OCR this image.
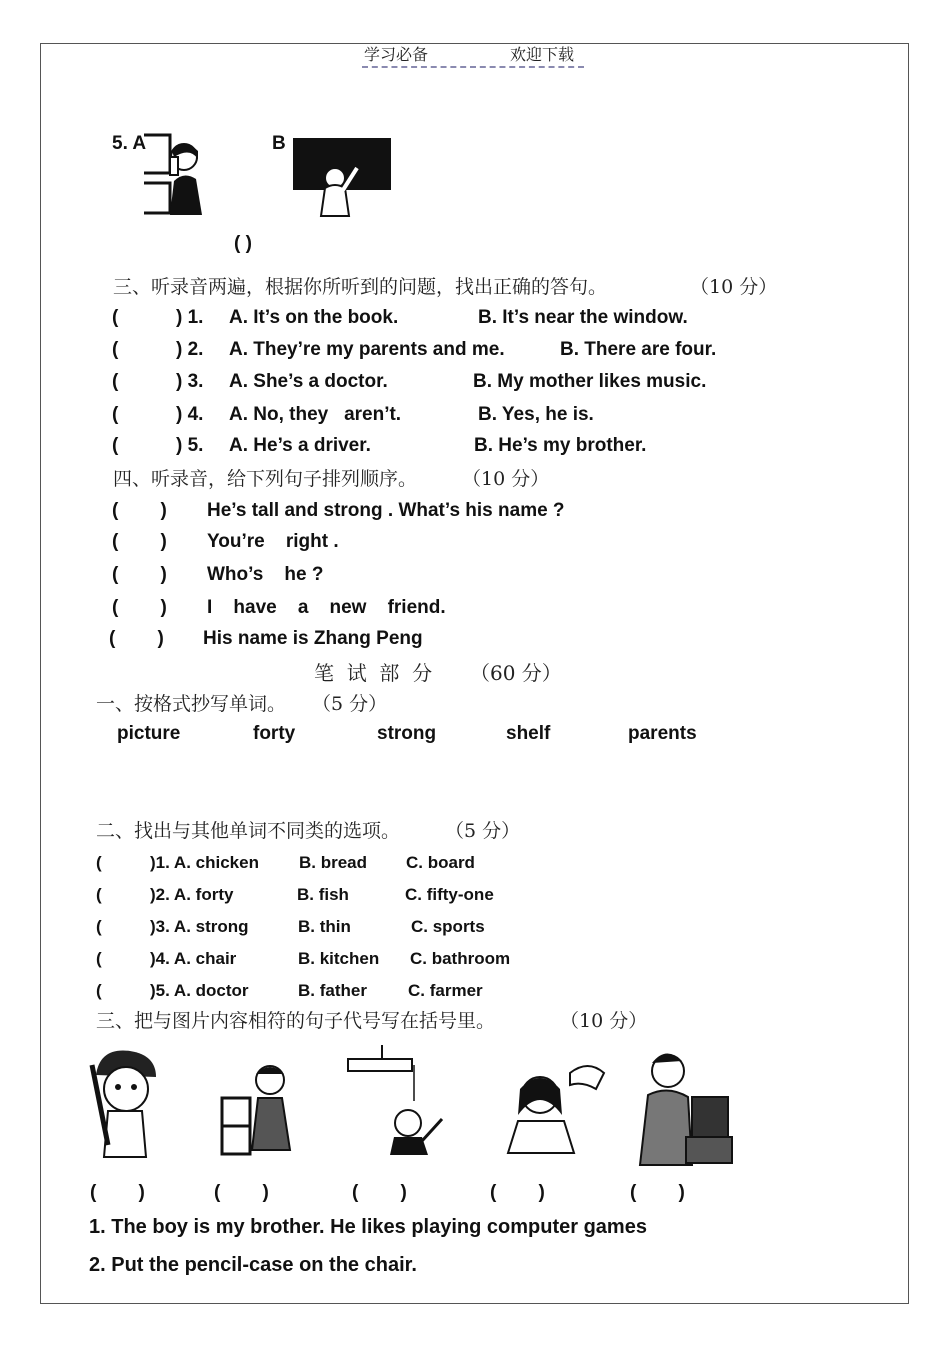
学习必备	欢迎下载
5. A	B
( )
三、听录音两遍，根据你所听到的问题，找出正确的答句。	（10 分）
(	) 1. A. It’s on the book.	B. It’s near the window.
(	) 2. A. They’re my parents and me.	B. There are four.
(	) 3. A. She’s a doctor.	B. My mother likes music.
(	) 4. A. No, they   aren’t.	B. Yes, he is.
(	) 5. A. He’s a driver.	B. He’s my brother.
四、听录音，给下列句子排列顺序。 （10 分）
(        ) He’s tall and strong . What’s his name ?
(        ) You’re    right .
(        ) Who’s    he ?
(        ) I    have    a    new    friend.
(        ) His name is Zhang Peng
笔  试  部  分 （60 分）
一、按格式抄写单词。 （5 分）
picture	forty	strong	shelf	parents
二、找出与其他单词不同类的选项。 （5 分）
(	)1. A. chicken B. bread C. board
(	)2. A. forty	B. fish	C. fifty-one
(	)3. A. strong	B. thin	C. sports
(	)4. A. chair	B. kitchen C. bathroom
(	)5. A. doctor	B. father C. farmer
三、把与图片内容相符的句子代号写在括号里。	（10 分）
(        )	(        )	(        )	(        )	(        )
1. The boy is my brother. He likes playing computer games
2. Put the pencil-case on the chair.
